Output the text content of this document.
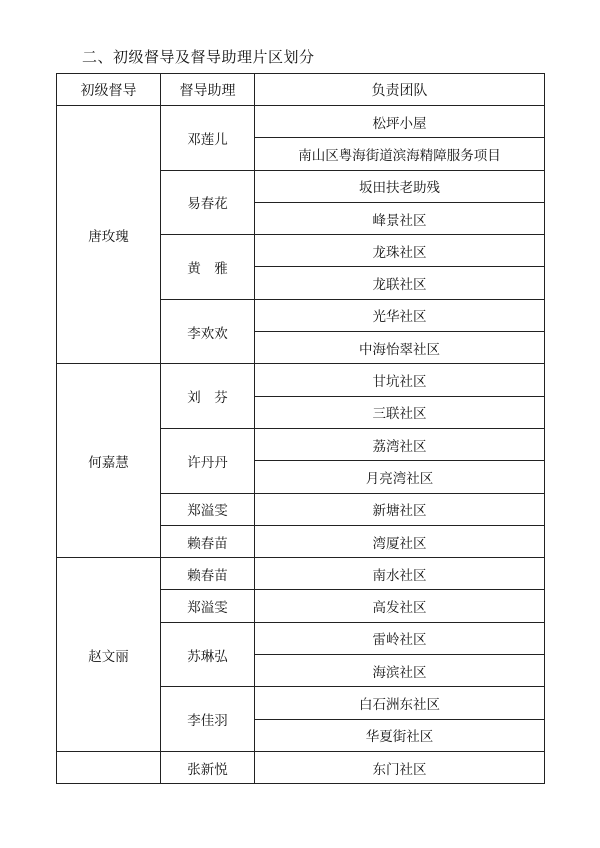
二、初级督导及督导助理片区划分
初级督导	督导助理	负责团队
唐玫瑰	邓莲儿	松坪小屋
		南山区粤海街道滨海精障服务项目
	易春花	坂田扶老助残
		峰景社区
	黄　雅	龙珠社区
		龙联社区
	李欢欢	光华社区
		中海怡翠社区
何嘉慧	刘　芬	甘坑社区
		三联社区
	许丹丹	荔湾社区
		月亮湾社区
	郑溢雯	新塘社区
	赖春苗	湾厦社区
赵文丽	赖春苗	南水社区
	郑溢雯	高发社区
	苏琳弘	雷岭社区
		海滨社区
	李佳羽	白石洲东社区
		华夏街社区
	张新悦	东门社区
